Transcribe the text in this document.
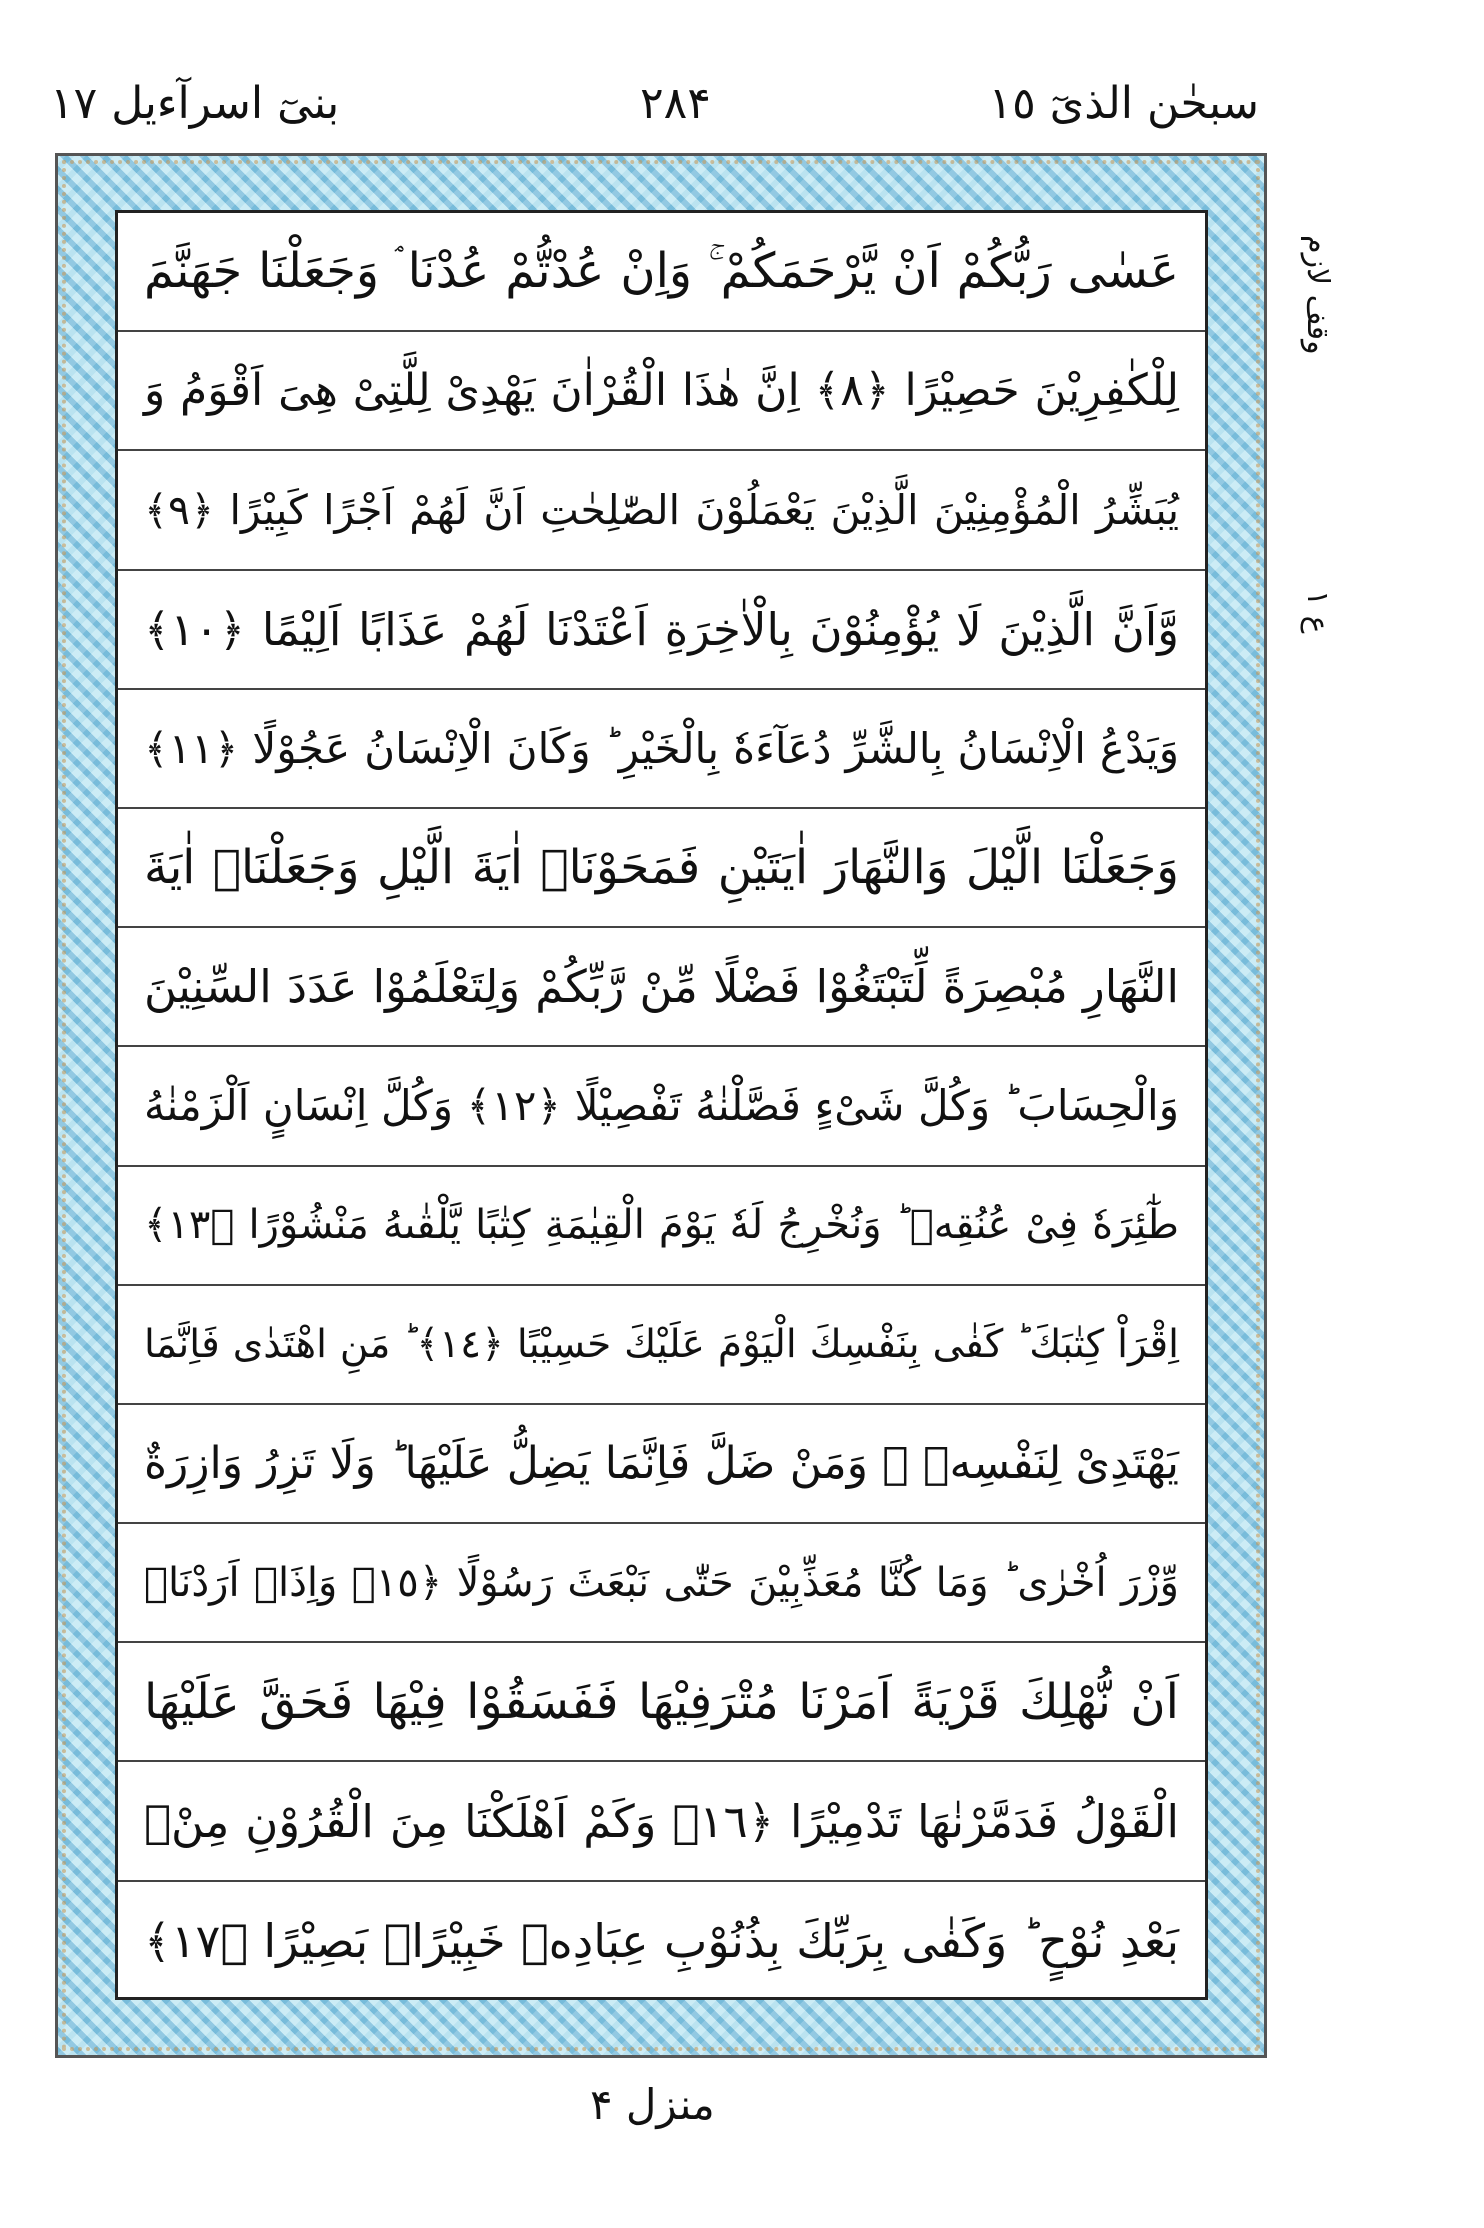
سبحٰن الذیٓ ١٥
۲۸۴
بنیٓ اسرآءیل ١٧
عَسٰی رَبُّكُمْ اَنْ یَّرْحَمَكُمْ ۚ وَاِنْ عُدْتُّمْ عُدْنَا ۘ وَجَعَلْنَا جَهَنَّمَ
لِلْكٰفِرِیْنَ حَصِیْرًا ﴿٨﴾ اِنَّ هٰذَا الْقُرْاٰنَ یَهْدِیْ لِلَّتِیْ هِیَ اَقْوَمُ وَ
یُبَشِّرُ الْمُؤْمِنِیْنَ الَّذِیْنَ یَعْمَلُوْنَ الصّٰلِحٰتِ اَنَّ لَهُمْ اَجْرًا كَبِیْرًا ﴿٩﴾
وَّاَنَّ الَّذِیْنَ لَا یُؤْمِنُوْنَ بِالْاٰخِرَةِ اَعْتَدْنَا لَهُمْ عَذَابًا اَلِیْمًا ﴿١٠﴾
وَیَدْعُ الْاِنْسَانُ بِالشَّرِّ دُعَآءَهٗ بِالْخَیْرِ ؕ وَكَانَ الْاِنْسَانُ عَجُوْلًا ﴿١١﴾
وَجَعَلْنَا الَّیْلَ وَالنَّهَارَ اٰیَتَیْنِ فَمَحَوْنَاۤ اٰیَةَ الَّیْلِ وَجَعَلْنَاۤ اٰیَةَ
النَّهَارِ مُبْصِرَةً لِّتَبْتَغُوْا فَضْلًا مِّنْ رَّبِّكُمْ وَلِتَعْلَمُوْا عَدَدَ السِّنِیْنَ
وَالْحِسَابَ ؕ وَكُلَّ شَیْءٍ فَصَّلْنٰهُ تَفْصِیْلًا ﴿١٢﴾ وَكُلَّ اِنْسَانٍ اَلْزَمْنٰهُ
طٰٓئِرَهٗ فِیْ عُنُقِهٖ ؕ وَنُخْرِجُ لَهٗ یَوْمَ الْقِیٰمَةِ كِتٰبًا یَّلْقٰىهُ مَنْشُوْرًا ﴿١٣﴾
اِقْرَاْ كِتٰبَكَ ؕ كَفٰی بِنَفْسِكَ الْیَوْمَ عَلَیْكَ حَسِیْبًا ﴿١٤﴾ ؕ مَنِ اهْتَدٰی فَاِنَّمَا
یَهْتَدِیْ لِنَفْسِهٖ ۚ وَمَنْ ضَلَّ فَاِنَّمَا یَضِلُّ عَلَیْهَا ؕ وَلَا تَزِرُ وَازِرَةٌ
وِّزْرَ اُخْرٰی ؕ وَمَا كُنَّا مُعَذِّبِیْنَ حَتّٰی نَبْعَثَ رَسُوْلًا ﴿١٥﴾ وَاِذَاۤ اَرَدْنَاۤ
اَنْ نُّهْلِكَ قَرْیَةً اَمَرْنَا مُتْرَفِیْهَا فَفَسَقُوْا فِیْهَا فَحَقَّ عَلَیْهَا
الْقَوْلُ فَدَمَّرْنٰهَا تَدْمِیْرًا ﴿١٦﴾ وَكَمْ اَهْلَكْنَا مِنَ الْقُرُوْنِ مِنْۢ
بَعْدِ نُوْحٍ ؕ وَكَفٰی بِرَبِّكَ بِذُنُوْبِ عِبَادِهٖ خَبِیْرًاۢ بَصِیْرًا ﴿١٧﴾
وقف لازم
ع ١
منزل ۴
